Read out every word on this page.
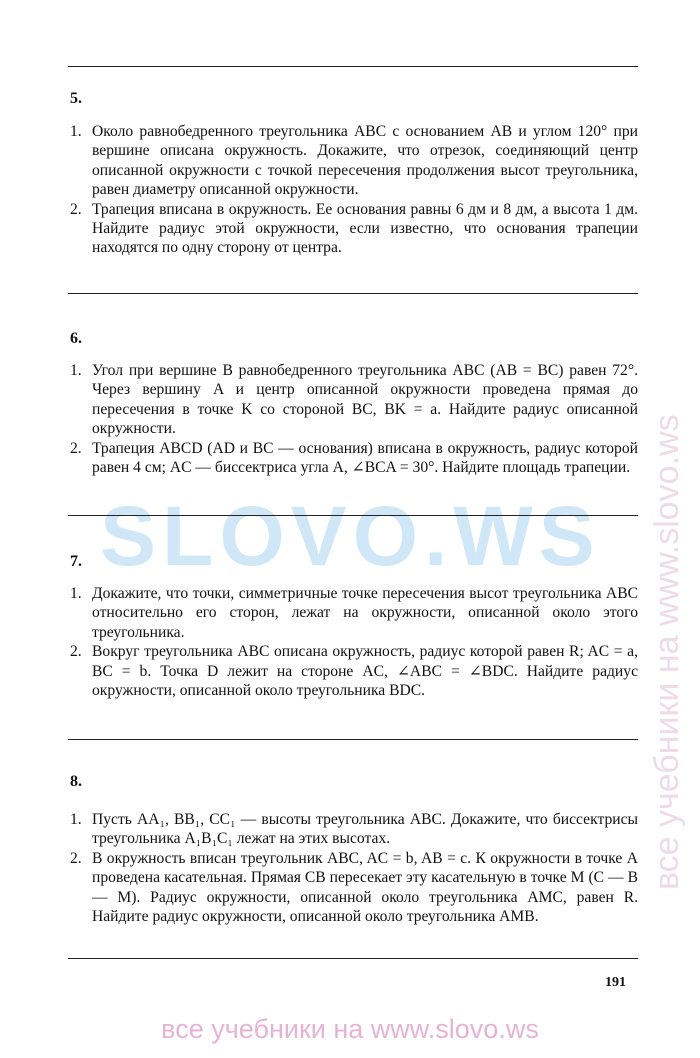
SLOVO.WS все учебники на www.slovo.ws
5.
1. Около равнобедренного треугольника ABC с основанием AB и углом 120° при вершине описана окружность. Докажите, что отрезок, соединяющий центр описанной окружности с точкой пересечения продолжения высот треугольника, равен диаметру описанной окружности.
2. Трапеция вписана в окружность. Ее основания равны 6 дм и 8 дм, а высота 1 дм. Найдите радиус этой окружности, если известно, что основания трапеции находятся по одну сторону от центра.
6.
1. Угол при вершине B равнобедренного треугольника ABC (AB = BC) равен 72°. Через вершину A и центр описанной окружности проведена прямая до пересечения в точке K со стороной BC, BK = a. Найдите радиус описанной окружности.
2. Трапеция ABCD (AD и BC — основания) вписана в окружность, радиус которой равен 4 см; AC — биссектриса угла A, ∠BCA = 30°. Найдите площадь трапеции.
7.
1. Докажите, что точки, симметричные точке пересечения высот треугольника ABC относительно его сторон, лежат на окружности, описанной около этого треугольника.
2. Вокруг треугольника ABC описана окружность, радиус которой равен R; AC = a, BC = b. Точка D лежит на стороне AC, ∠ABC = ∠BDC. Найдите радиус окружности, описанной около треугольника BDC.
8.
1. Пусть AA₁, BB₁, CC₁ — высоты треугольника ABC. Докажите, что биссектрисы треугольника A₁B₁C₁ лежат на этих высотах.
2. В окружность вписан треугольник ABC, AC = b, AB = c. К окружности в точке A проведена касательная. Прямая CB пересекает эту касательную в точке M (C — B — M). Радиус окружности, описанной около треугольника AMC, равен R. Найдите радиус окружности, описанной около треугольника AMB.
191
все учебники на www.slovo.ws
